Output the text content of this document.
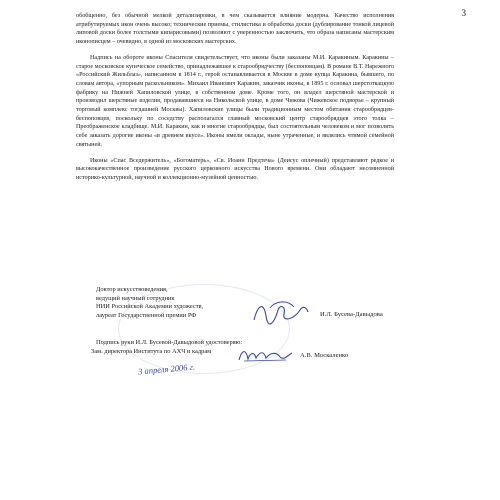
3

обобщенно, без обычной мелкой детализировки, в чем сказывается влияние модерна. Качество исполнения атрибутируемых икон очень высоко; технические приемы, стилистика и обработка доски (дублирование тонкой лицевой липовой доски более толстыми кипарисовыми) позволяют с уверенностью заключить, что образа написаны мастерским иконописцем – очевидно, в одной из московских мастерских.

Надпись на обороте иконы Спасителя свидетельствует, что иконы были заказаны М.И. Каракиным. Каракины – старое московское купеческое семейство, принадлежавшее к старообрядчеству (беспоповцам). В романе В.Т. Нарежного «Российский Жильблаз», написанном в 1814 г., герой останавливается в Москве в доме купца Каракина, бывшего, по словам автора, «упорным раскольником». Михаил Иванович Каракин, заказчик иконы, в 1895 г. основал шерстоткацкую фабрику на Нижней Хапиловской улице, в собственном доме. Кроме того, он владел шерстяной мастерской и производил шерстяные изделия, продававшиеся на Никольской улице, в доме Чижова (Чижевское подворье – крупный торговый комплекс тогдашней Москвы). Хапиловские улицы были традиционным местом обитания старообрядцев-беспоповцев, поскольку по соседству располагался главный московский центр старообрядцев этого толка – Преображенское кладбище. М.И. Каракин, как и многие старообрядцы, был состоятельным человеком и мог позволить себе заказать дорогие иконы «в древнем вкусе». Иконы имели оклады, ныне утраченные, и являлись чтимой семейной святыней.

Иконы «Спас Вседержитель», «Богоматерь», «Св. Иоанн Предтеча» (Деисус оплечный) представляют редкое и высококачественное произведение русского церковного искусства Нового времени. Они обладают несомненной историко-культурной, научной и коллекционно-музейной ценностью.

Доктор искусствоведения,
ведущий научный сотрудник
НИИ Российской Академии художеств,
лауреат Государственной премии РФ	И.Л. Бусева-Давыдова
Подпись руки И.Л. Бусевой-Давыдовой удостоверяю:
Зам. директора Института по АХЧ и кадрам
А.В. Москаленко
3 апреля 2006 г.
